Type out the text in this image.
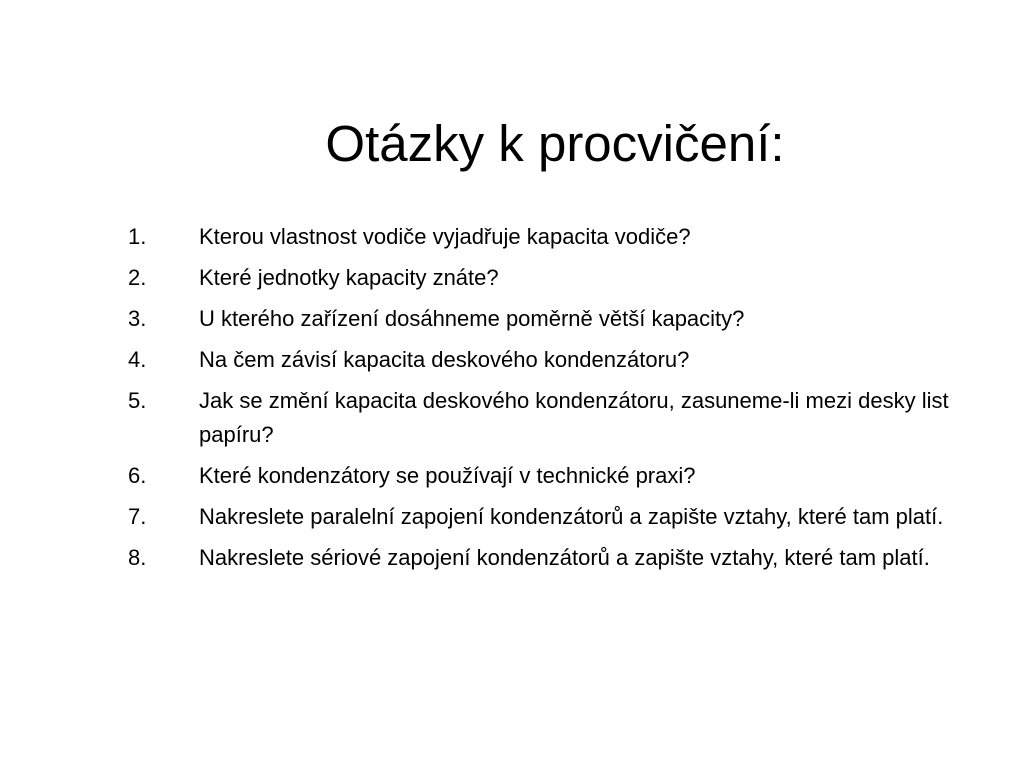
Otázky k procvičení:
1.	Kterou vlastnost vodiče vyjadřuje kapacita vodiče?
2.	Které jednotky kapacity znáte?
3.	U kterého zařízení dosáhneme poměrně větší kapacity?
4.	Na čem závisí kapacita deskového kondenzátoru?
5.	Jak se změní kapacita deskového kondenzátoru, zasuneme-li mezi desky list papíru?
6.	Které kondenzátory se používají v technické praxi?
7.	Nakreslete paralelní zapojení kondenzátorů a zapište vztahy, které tam platí.
8.	Nakreslete sériové zapojení kondenzátorů a zapište vztahy, které tam platí.
